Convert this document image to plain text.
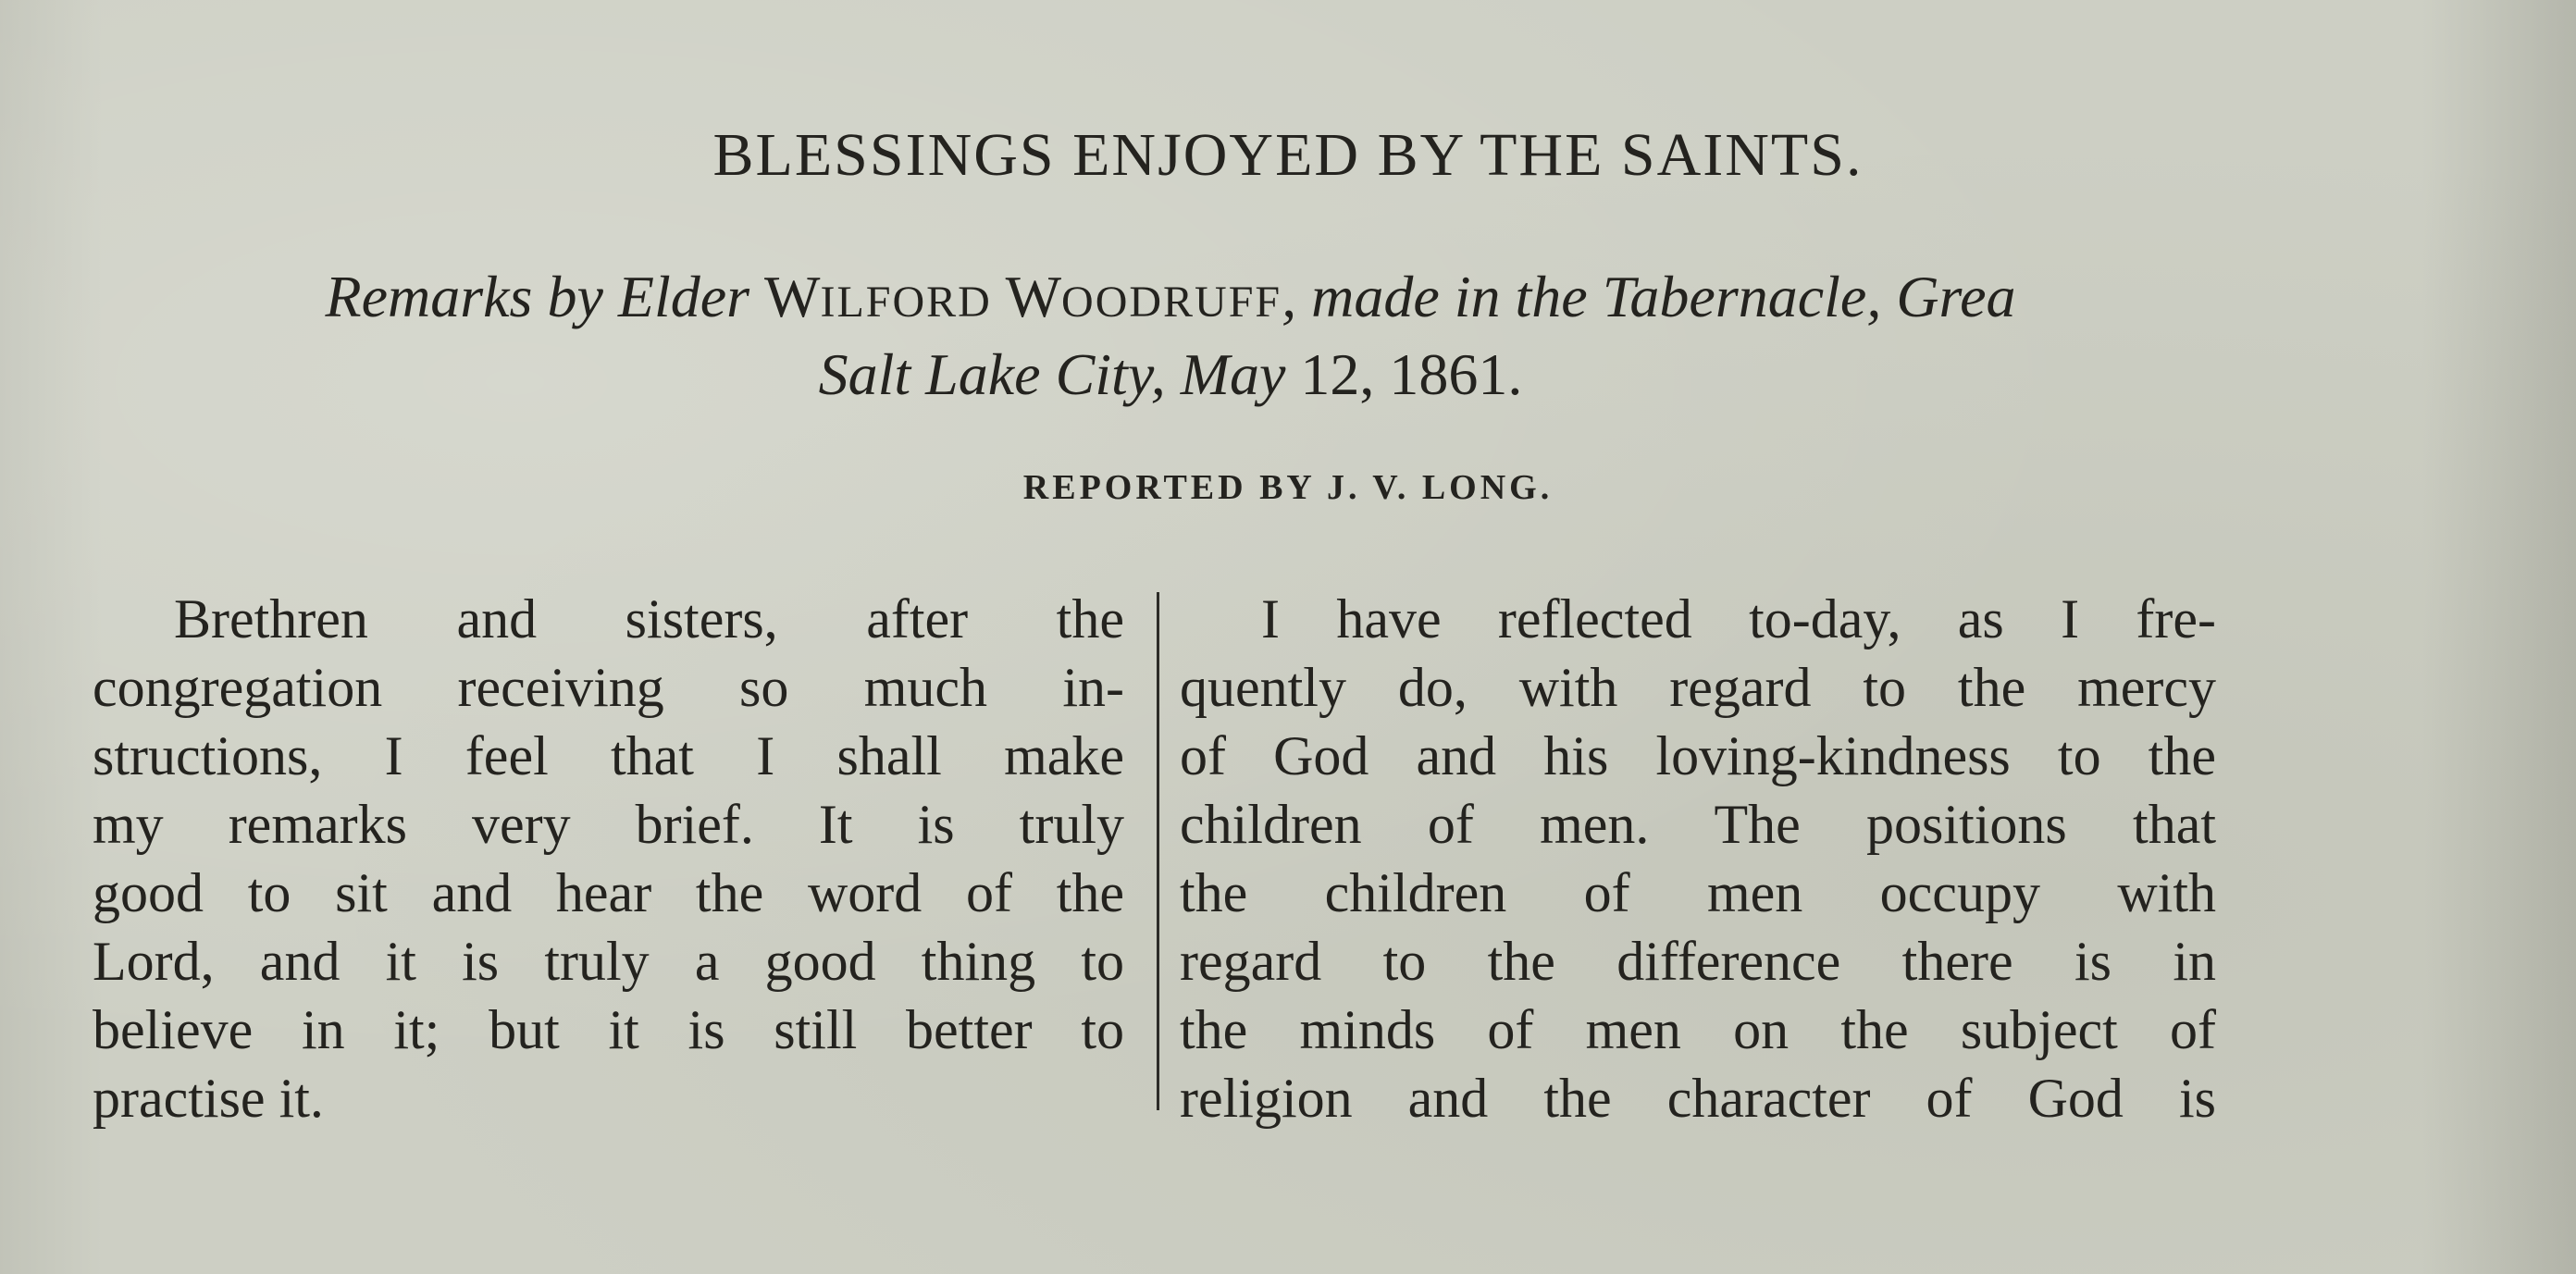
BLESSINGS ENJOYED BY THE SAINTS.
Remarks by Elder WILFORD WOODRUFF, made in the Tabernacle, Grea
Salt Lake City, May 12, 1861.
REPORTED BY J. V. LONG.
Brethren and sisters, after the
congregation receiving so much in-
structions, I feel that I shall make
my remarks very brief. It is truly
good to sit and hear the word of the
Lord, and it is truly a good thing to
believe in it; but it is still better to
practise it.
I have reflected to-day, as I fre-
quently do, with regard to the mercy
of God and his loving-kindness to the
children of men. The positions that
the children of men occupy with
regard to the difference there is in
the minds of men on the subject of
religion and the character of God is
